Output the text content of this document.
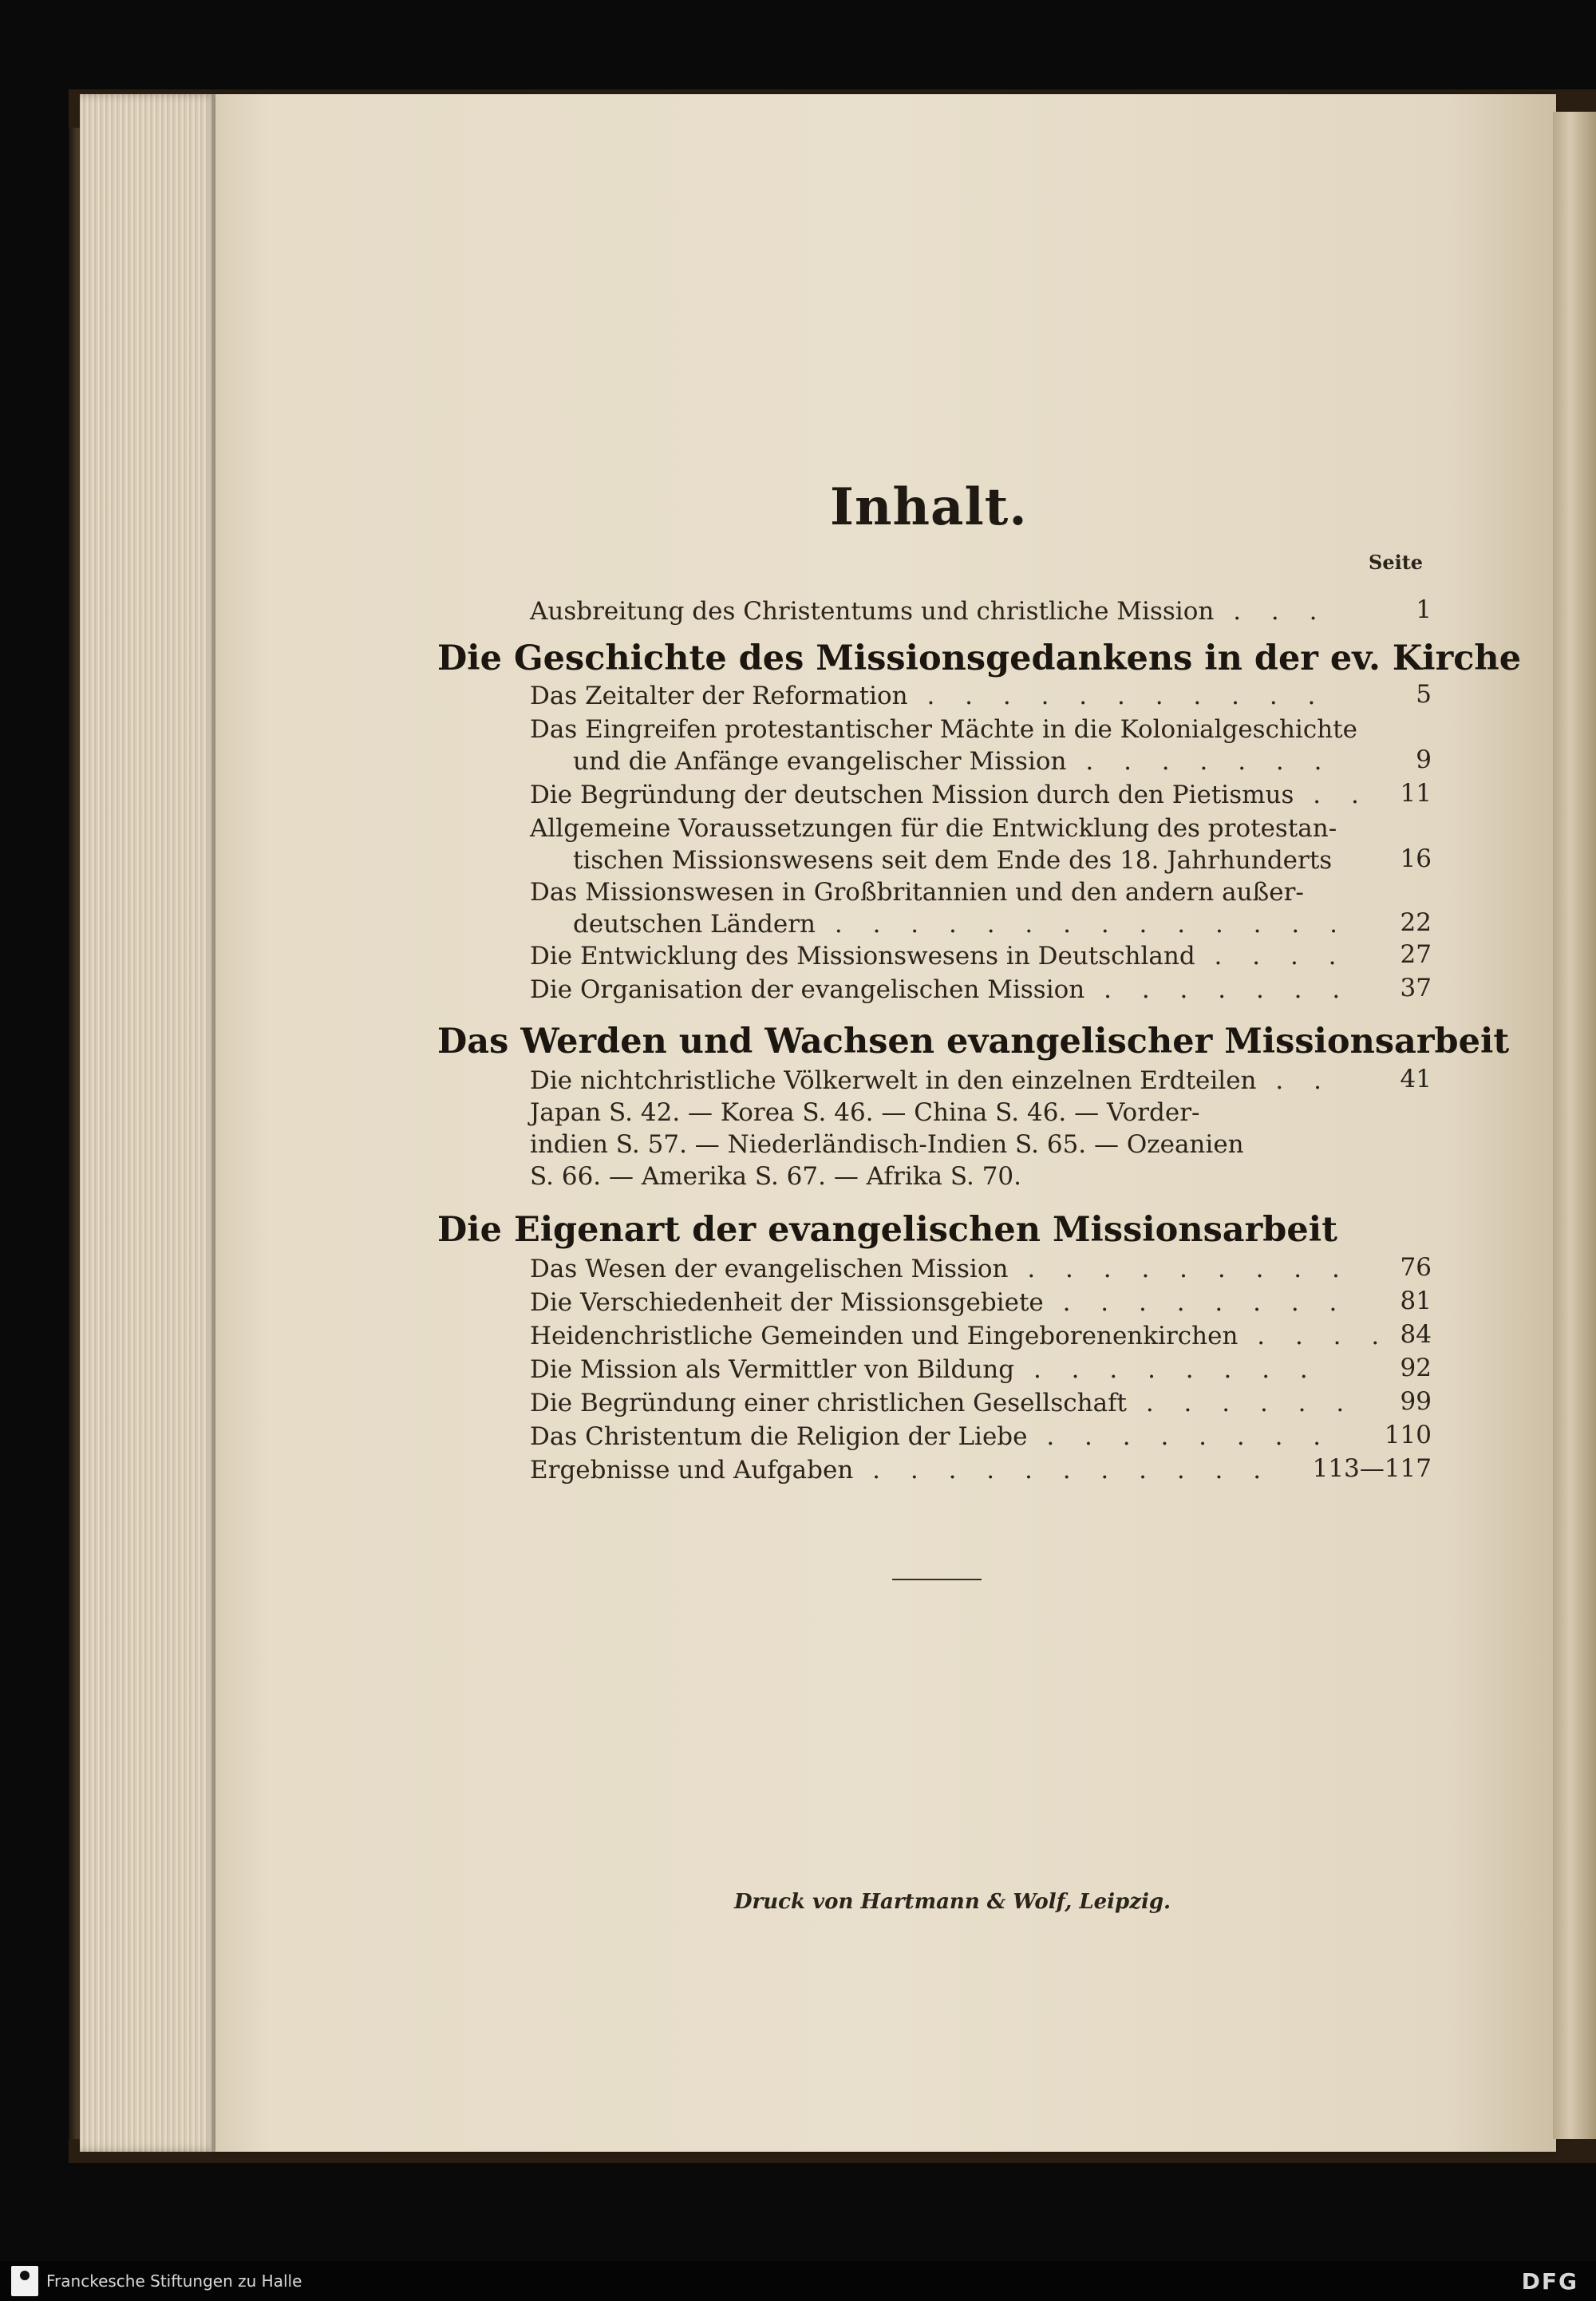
Inhalt.
Seite
Ausbreitung des Christentums und christliche Mission . . .	1
Die Geschichte des Missionsgedankens in der ev. Kirche
Das Zeitalter der Reformation . . . . . . . . . . .	5
Das Eingreifen protestantischer Mächte in die Kolonialgeschichte
und die Anfänge evangelischer Mission . . . . . . .	9
Die Begründung der deutschen Mission durch den Pietismus . .	11
Allgemeine Voraussetzungen für die Entwicklung des protestan-
tischen Missionswesens seit dem Ende des 18. Jahrhunderts	16
Das Missionswesen in Großbritannien und den andern außer-
deutschen Ländern . . . . . . . . . . . . . .	22
Die Entwicklung des Missionswesens in Deutschland . . . .	27
Die Organisation der evangelischen Mission . . . . . . .	37
Das Werden und Wachsen evangelischer Missionsarbeit
Die nichtchristliche Völkerwelt in den einzelnen Erdteilen . .	41
Japan S. 42. — Korea S. 46. — China S. 46. — Vorder-
indien S. 57. — Niederländisch-Indien S. 65. — Ozeanien
S. 66. — Amerika S. 67. — Afrika S. 70.
Die Eigenart der evangelischen Missionsarbeit
Das Wesen der evangelischen Mission . . . . . . . . .	76
Die Verschiedenheit der Missionsgebiete . . . . . . . .	81
Heidenchristliche Gemeinden und Eingeborenenkirchen . . . . 84
Die Mission als Vermittler von Bildung . . . . . . . .	92
Die Begründung einer christlichen Gesellschaft . . . . . .	99
Das Christentum die Religion der Liebe . . . . . . . .	110
Ergebnisse und Aufgaben . . . . . . . . . . .	113—117
Druck von Hartmann & Wolf, Leipzig.
Franckesche Stiftungen zu Halle	DFG
